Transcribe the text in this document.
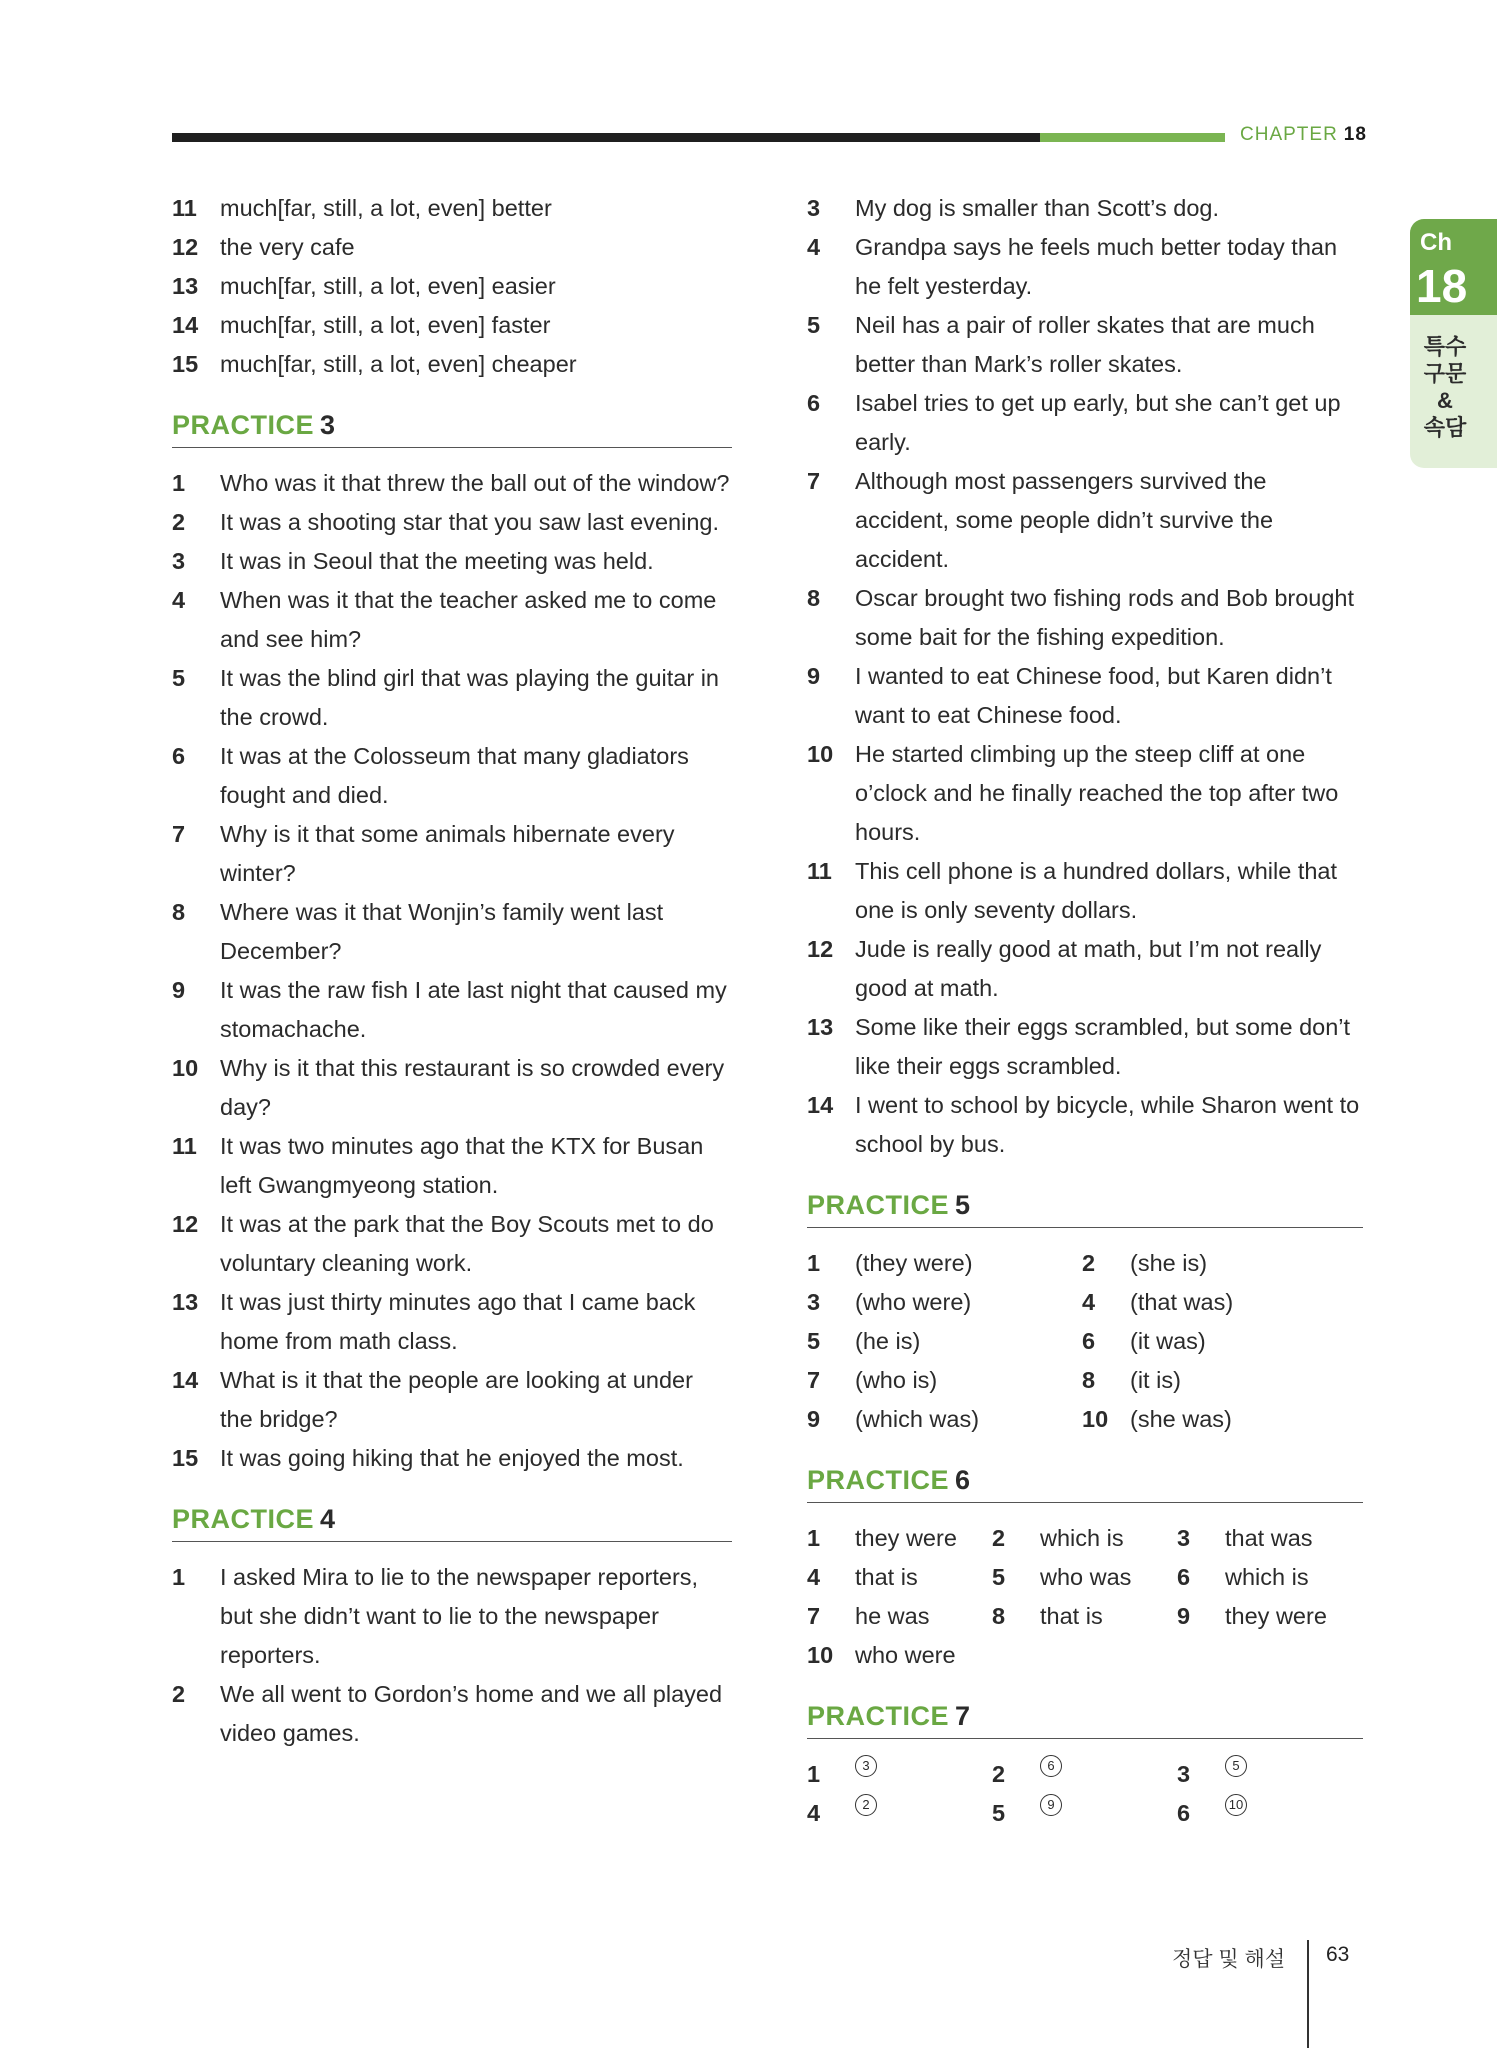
CHAPTER 18
Ch
18
특수
구문
&
속담
11 much[far, still, a lot, even] better
12 the very cafe
13 much[far, still, a lot, even] easier
14 much[far, still, a lot, even] faster
15 much[far, still, a lot, even] cheaper
PRACTICE 3
1	Who was it that threw the ball out of the window?
2	It was a shooting star that you saw last evening.
3	It was in Seoul that the meeting was held.
4	When was it that the teacher asked me to come and see him?
5	It was the blind girl that was playing the guitar in the crowd.
6	It was at the Colosseum that many gladiators fought and died.
7	Why is it that some animals hibernate every winter?
8	Where was it that Wonjin’s family went last December?
9	It was the raw fish I ate last night that caused my stomachache.
10 Why is it that this restaurant is so crowded every day?
11 It was two minutes ago that the KTX for Busan left Gwangmyeong station.
12 It was at the park that the Boy Scouts met to do voluntary cleaning work.
13 It was just thirty minutes ago that I came back home from math class.
14 What is it that the people are looking at under the bridge?
15 It was going hiking that he enjoyed the most.
PRACTICE 4
1	I asked Mira to lie to the newspaper reporters, but she didn’t want to lie to the newspaper reporters.
2	We all went to Gordon’s home and we all played video games.
3	My dog is smaller than Scott’s dog.
4	Grandpa says he feels much better today than he felt yesterday.
5	Neil has a pair of roller skates that are much better than Mark’s roller skates.
6	Isabel tries to get up early, but she can’t get up early.
7	Although most passengers survived the accident, some people didn’t survive the accident.
8	Oscar brought two fishing rods and Bob brought some bait for the fishing expedition.
9	I wanted to eat Chinese food, but Karen didn’t want to eat Chinese food.
10 He started climbing up the steep cliff at one o’clock and he finally reached the top after two hours.
11 This cell phone is a hundred dollars, while that one is only seventy dollars.
12 Jude is really good at math, but I’m not really good at math.
13 Some like their eggs scrambled, but some don’t like their eggs scrambled.
14 I went to school by bicycle, while Sharon went to school by bus.
PRACTICE 5
1	(they were)	2	(she is)
3	(who were)	4	(that was)
5	(he is)	6	(it was)
7	(who is)	8	(it is)
9	(which was)	10 (she was)
PRACTICE 6
1	they were 2	which is 3	that was
4	that is	5	who was 6	which is
7	he was	8	that is	9	they were
10 who were
PRACTICE 7
1	3	2	6	3	5
4	2	5	9	6	10
정답 및 해설 63
